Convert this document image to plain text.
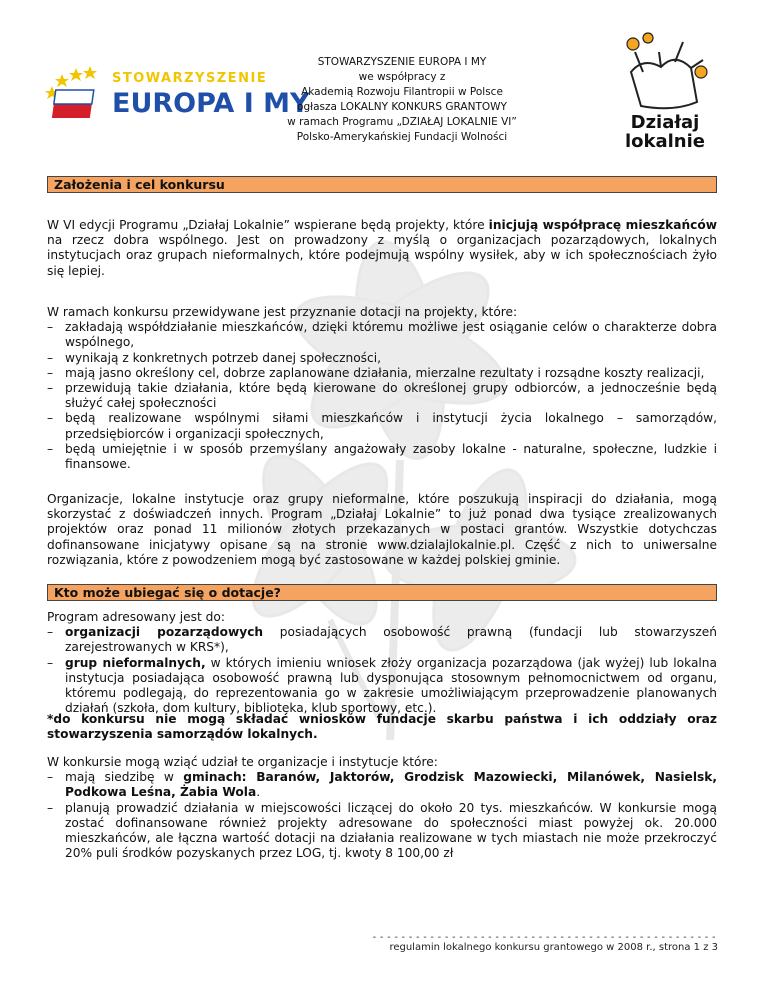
STOWARZYSZENIE
EUROPA I MY
Działaj
lokalnie
STOWARZYSZENIE EUROPA I MY
we współpracy z
Akademią Rozwoju Filantropii w Polsce
ogłasza LOKALNY KONKURS GRANTOWY
w ramach Programu „DZIAŁAJ LOKALNIE VI”
Polsko-Amerykańskiej Fundacji Wolności
Założenia i cel konkursu
W VI edycji Programu „Działaj Lokalnie” wspierane będą projekty, które inicjują współpracę mieszkańców na rzecz dobra wspólnego. Jest on prowadzony z myślą o organizacjach pozarządowych, lokalnych instytucjach oraz grupach nieformalnych, które podejmują wspólny wysiłek, aby w ich społecznościach żyło się lepiej.
W ramach konkursu przewidywane jest przyznanie dotacji na projekty, które:
– zakładają współdziałanie mieszkańców, dzięki któremu możliwe jest osiąganie celów o charakterze dobra wspólnego,
– wynikają z konkretnych potrzeb danej społeczności,
– mają jasno określony cel, dobrze zaplanowane działania, mierzalne rezultaty i rozsądne koszty realizacji,
– przewidują takie działania, które będą kierowane do określonej grupy odbiorców, a jednocześnie będą służyć całej społeczności
– będą realizowane wspólnymi siłami mieszkańców i instytucji życia lokalnego – samorządów, przedsiębiorców i organizacji społecznych,
– będą umiejętnie i w sposób przemyślany angażowały zasoby lokalne - naturalne, społeczne, ludzkie i finansowe.
Organizacje, lokalne instytucje oraz grupy nieformalne, które poszukują inspiracji do działania, mogą skorzystać z doświadczeń innych. Program „Działaj Lokalnie” to już ponad dwa tysiące zrealizowanych projektów oraz ponad 11 milionów złotych przekazanych w postaci grantów. Wszystkie dotychczas dofinansowane inicjatywy opisane są na stronie www.dzialajlokalnie.pl. Część z nich to uniwersalne rozwiązania, które z powodzeniem mogą być zastosowane w każdej polskiej gminie.
Kto może ubiegać się o dotacje?
Program adresowany jest do:
– organizacji pozarządowych posiadających osobowość prawną (fundacji lub stowarzyszeń zarejestrowanych w KRS*),
– grup nieformalnych, w których imieniu wniosek złoży organizacja pozarządowa (jak wyżej) lub lokalna instytucja posiadająca osobowość prawną lub dysponująca stosownym pełnomocnictwem od organu, któremu podlegają, do reprezentowania go w zakresie umożliwiającym przeprowadzenie planowanych działań (szkoła, dom kultury, biblioteka, klub sportowy, etc.).
*do konkursu nie mogą składać wniosków fundacje skarbu państwa i ich oddziały oraz stowarzyszenia samorządów lokalnych.
W konkursie mogą wziąć udział te organizacje i instytucje które:
– mają siedzibę w gminach: Baranów, Jaktorów, Grodzisk Mazowiecki, Milanówek, Nasielsk, Podkowa Leśna, Żabia Wola.
– planują prowadzić działania w miejscowości liczącej do około 20 tys. mieszkańców. W konkursie mogą zostać dofinansowane również projekty adresowane do społeczności miast powyżej ok. 20.000 mieszkańców, ale łączna wartość dotacji na działania realizowane w tych miastach nie może przekroczyć 20% puli środków pozyskanych przez LOG, tj. kwoty 8 100,00 zł
------------------------------------------------
regulamin lokalnego konkursu grantowego w 2008 r., strona 1 z 3
